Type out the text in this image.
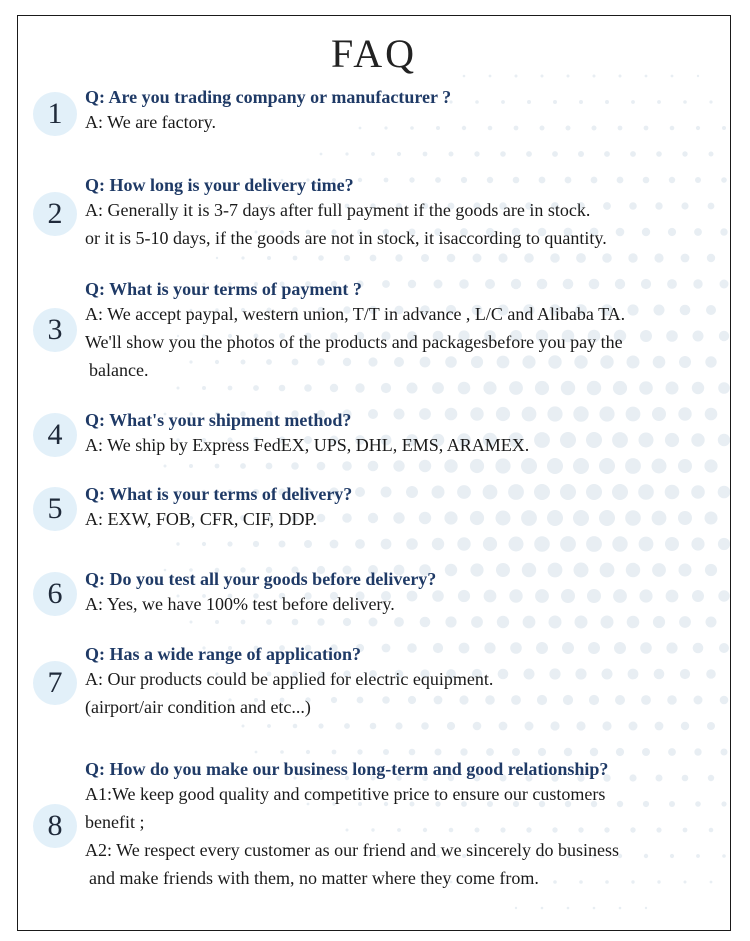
FAQ
1	Q: Are you trading company or manufacturer ?
A: We are factory.
2
Q: How long is your delivery time?
A: Generally it is 3-7 days after full payment if the goods are in stock.
or it is 5-10 days, if the goods are not in stock, it isaccording to quantity.
3
Q: What is your terms of payment ?
A: We accept paypal, western union, T/T in advance , L/C and Alibaba TA.
We'll show you the photos of the products and packagesbefore you pay the
balance.
4	Q: What's your shipment method?
A: We ship by Express FedEX, UPS, DHL, EMS, ARAMEX.
5	Q: What is your terms of delivery?
A: EXW, FOB, CFR, CIF, DDP.
6	Q: Do you test all your goods before delivery?
A: Yes, we have 100% test before delivery.
7
Q: Has a wide range of application?
A: Our products could be applied for electric equipment.
(airport/air condition and etc...)
8
Q: How do you make our business long-term and good relationship?
A1:We keep good quality and competitive price to ensure our customers
benefit ;
A2: We respect every customer as our friend and we sincerely do business
and make friends with them, no matter where they come from.
